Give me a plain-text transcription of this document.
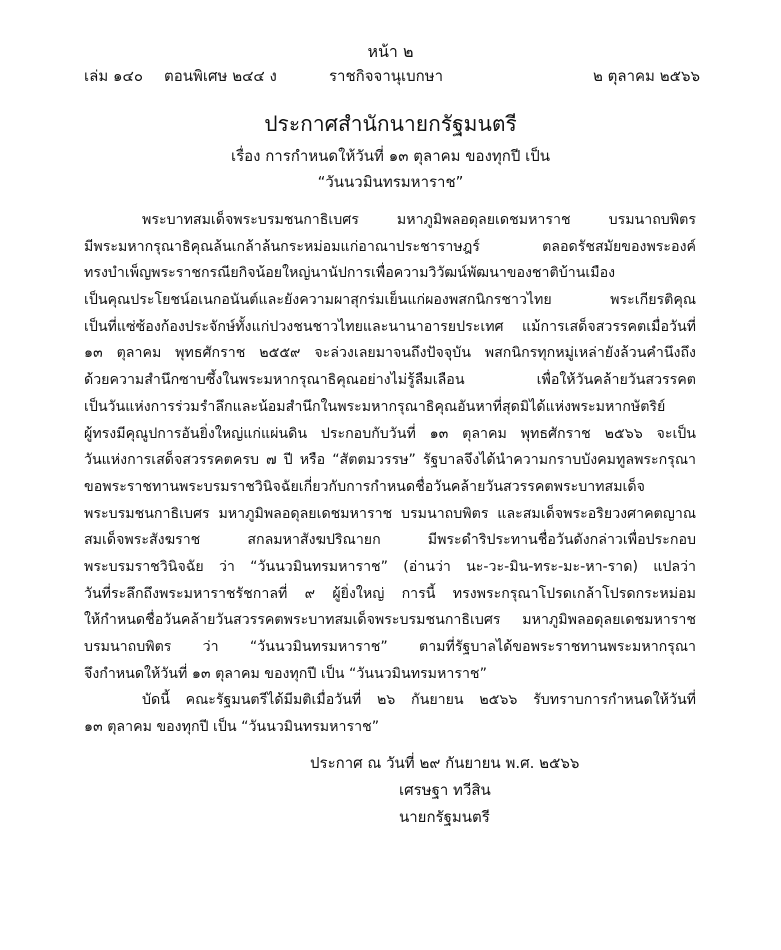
หน้า ๒
เล่ม ๑๔๐ ตอนพิเศษ ๒๔๔ ง	ราชกิจจานุเบกษา	๒ ตุลาคม ๒๕๖๖
ประกาศสำนักนายกรัฐมนตรี
เรื่อง การกำหนดให้วันที่ ๑๓ ตุลาคม ของทุกปี เป็น
“วันนวมินทรมหาราช”
พระบาทสมเด็จพระบรมชนกาธิเบศร มหาภูมิพลอดุลยเดชมหาราช บรมนาถบพิตร
มีพระมหากรุณาธิคุณล้นเกล้าล้นกระหม่อมแก่อาณาประชาราษฎร์ ตลอดรัชสมัยของพระองค์
ทรงบำเพ็ญพระราชกรณียกิจน้อยใหญ่นานัปการเพื่อความวิวัฒน์พัฒนาของชาติบ้านเมือง
เป็นคุณประโยชน์อเนกอนันต์และยังความผาสุกร่มเย็นแก่ผองพสกนิกรชาวไทย พระเกียรติคุณ
เป็นที่แซ่ซ้องก้องประจักษ์ทั้งแก่ปวงชนชาวไทยและนานาอารยประเทศ แม้การเสด็จสวรรคตเมื่อวันที่
๑๓ ตุลาคม พุทธศักราช ๒๕๕๙ จะล่วงเลยมาจนถึงปัจจุบัน พสกนิกรทุกหมู่เหล่ายังล้วนคำนึงถึง
ด้วยความสำนึกซาบซึ้งในพระมหากรุณาธิคุณอย่างไม่รู้ลืมเลือน เพื่อให้วันคล้ายวันสวรรคต
เป็นวันแห่งการร่วมรำลึกและน้อมสำนึกในพระมหากรุณาธิคุณอันหาที่สุดมิได้แห่งพระมหากษัตริย์
ผู้ทรงมีคุณูปการอันยิ่งใหญ่แก่แผ่นดิน ประกอบกับวันที่ ๑๓ ตุลาคม พุทธศักราช ๒๕๖๖ จะเป็น
วันแห่งการเสด็จสวรรคตครบ ๗ ปี หรือ “สัตตมวรรษ” รัฐบาลจึงได้นำความกราบบังคมทูลพระกรุณา
ขอพระราชทานพระบรมราชวินิจฉัยเกี่ยวกับการกำหนดชื่อวันคล้ายวันสวรรคตพระบาทสมเด็จ
พระบรมชนกาธิเบศร มหาภูมิพลอดุลยเดชมหาราช บรมนาถบพิตร และสมเด็จพระอริยวงศาคตญาณ
สมเด็จพระสังฆราช สกลมหาสังฆปริณายก มีพระดำริประทานชื่อวันดังกล่าวเพื่อประกอบ
พระบรมราชวินิจฉัย ว่า “วันนวมินทรมหาราช” (อ่านว่า นะ-วะ-มิน-ทระ-มะ-หา-ราด) แปลว่า
วันที่ระลึกถึงพระมหาราชรัชกาลที่ ๙ ผู้ยิ่งใหญ่ การนี้ ทรงพระกรุณาโปรดเกล้าโปรดกระหม่อม
ให้กำหนดชื่อวันคล้ายวันสวรรคตพระบาทสมเด็จพระบรมชนกาธิเบศร มหาภูมิพลอดุลยเดชมหาราช
บรมนาถบพิตร ว่า “วันนวมินทรมหาราช” ตามที่รัฐบาลได้ขอพระราชทานพระมหากรุณา
จึงกำหนดให้วันที่ ๑๓ ตุลาคม ของทุกปี เป็น “วันนวมินทรมหาราช”
บัดนี้ คณะรัฐมนตรีได้มีมติเมื่อวันที่ ๒๖ กันยายน ๒๕๖๖ รับทราบการกำหนดให้วันที่
๑๓ ตุลาคม ของทุกปี เป็น “วันนวมินทรมหาราช”
ประกาศ ณ วันที่ ๒๙ กันยายน พ.ศ. ๒๕๖๖
เศรษฐา ทวีสิน
นายกรัฐมนตรี
